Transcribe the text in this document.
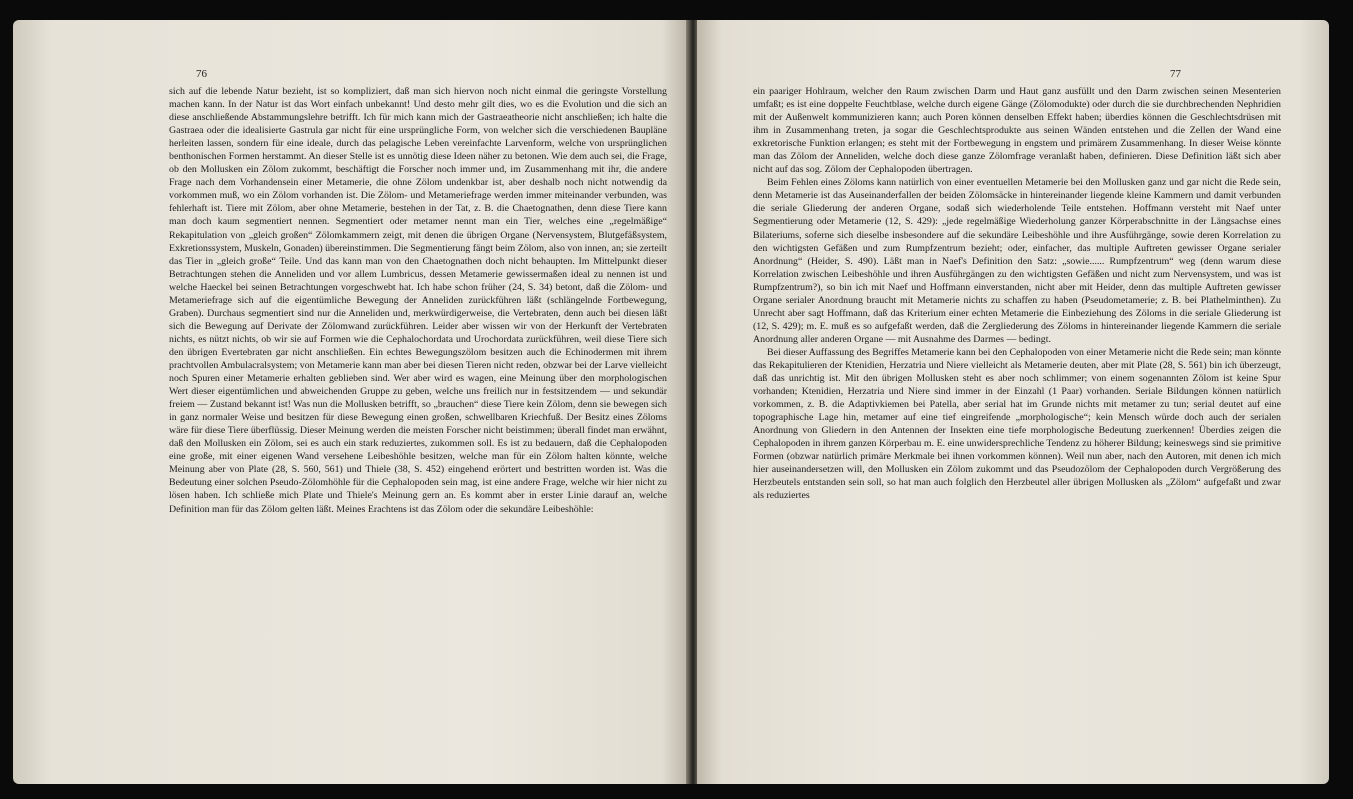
76

sich auf die lebende Natur bezieht, ist so kompliziert, daß man sich hiervon noch nicht einmal die geringste Vorstellung machen kann. In der Natur ist das Wort einfach unbekannt! Und desto mehr gilt dies, wo es die Evolution und die sich an diese anschließende Abstammungslehre betrifft. Ich für mich kann mich der Gastraeatheorie nicht anschließen; ich halte die Gastraea oder die idealisierte Gastrula gar nicht für eine ursprüngliche Form, von welcher sich die verschiedenen Baupläne herleiten lassen, sondern für eine ideale, durch das pelagische Leben vereinfachte Larvenform, welche von ursprünglichen benthonischen Formen herstammt. An dieser Stelle ist es unnötig diese Ideen näher zu betonen. Wie dem auch sei, die Frage, ob den Mollusken ein Zölom zukommt, beschäftigt die Forscher noch immer und, im Zusammenhang mit ihr, die andere Frage nach dem Vorhandensein einer Metamerie, die ohne Zölom undenkbar ist, aber deshalb noch nicht notwendig da vorkommen muß, wo ein Zölom vorhanden ist. Die Zölom- und Metameriefrage werden immer miteinander verbunden, was fehlerhaft ist. Tiere mit Zölom, aber ohne Metamerie, bestehen in der Tat, z. B. die Chaetognathen, denn diese Tiere kann man doch kaum segmentiert nennen. Segmentiert oder metamer nennt man ein Tier, welches eine „regelmäßige“ Rekapitulation von „gleich großen“ Zölomkammern zeigt, mit denen die übrigen Organe (Nervensystem, Blutgefäßsystem, Exkretionssystem, Muskeln, Gonaden) übereinstimmen. Die Segmentierung fängt beim Zölom, also von innen, an; sie zerteilt das Tier in „gleich große“ Teile. Und das kann man von den Chaetognathen doch nicht behaupten. Im Mittelpunkt dieser Betrachtungen stehen die Anneliden und vor allem Lumbricus, dessen Metamerie gewissermaßen ideal zu nennen ist und welche Haeckel bei seinen Betrachtungen vorgeschwebt hat. Ich habe schon früher (24, S. 34) betont, daß die Zölom- und Metameriefrage sich auf die eigentümliche Bewegung der Anneliden zurückführen läßt (schlängelnde Fortbewegung, Graben). Durchaus segmentiert sind nur die Anneliden und, merkwürdigerweise, die Vertebraten, denn auch bei diesen läßt sich die Bewegung auf Derivate der Zölomwand zurückführen. Leider aber wissen wir von der Herkunft der Vertebraten nichts, es nützt nichts, ob wir sie auf Formen wie die Cephalochordata und Urochordata zurückführen, weil diese Tiere sich den übrigen Evertebraten gar nicht anschließen. Ein echtes Bewegungszölom besitzen auch die Echinodermen mit ihrem prachtvollen Ambulacralsystem; von Metamerie kann man aber bei diesen Tieren nicht reden, obzwar bei der Larve vielleicht noch Spuren einer Metamerie erhalten geblieben sind. Wer aber wird es wagen, eine Meinung über den morphologischen Wert dieser eigentümlichen und abweichenden Gruppe zu geben, welche uns freilich nur in festsitzendem — und sekundär freiem — Zustand bekannt ist! Was nun die Mollusken betrifft, so „brauchen“ diese Tiere kein Zölom, denn sie bewegen sich in ganz normaler Weise und besitzen für diese Bewegung einen großen, schwellbaren Kriechfuß. Der Besitz eines Zöloms wäre für diese Tiere überflüssig. Dieser Meinung werden die meisten Forscher nicht beistimmen; überall findet man erwähnt, daß den Mollusken ein Zölom, sei es auch ein stark reduziertes, zukommen soll. Es ist zu bedauern, daß die Cephalopoden eine große, mit einer eigenen Wand versehene Leibeshöhle besitzen, welche man für ein Zölom halten könnte, welche Meinung aber von Plate (28, S. 560, 561) und Thiele (38, S. 452) eingehend erörtert und bestritten worden ist. Was die Bedeutung einer solchen Pseudo-Zölomhöhle für die Cephalopoden sein mag, ist eine andere Frage, welche wir hier nicht zu lösen haben. Ich schließe mich Plate und Thiele's Meinung gern an. Es kommt aber in erster Linie darauf an, welche Definition man für das Zölom gelten läßt. Meines Erachtens ist das Zölom oder die sekundäre Leibeshöhle:

77

ein paariger Hohlraum, welcher den Raum zwischen Darm und Haut ganz ausfüllt und den Darm zwischen seinen Mesenterien umfaßt; es ist eine doppelte Feuchtblase, welche durch eigene Gänge (Zölomodukte) oder durch die sie durchbrechenden Nephridien mit der Außenwelt kommunizieren kann; auch Poren können denselben Effekt haben; überdies können die Geschlechtsdrüsen mit ihm in Zusammenhang treten, ja sogar die Geschlechtsprodukte aus seinen Wänden entstehen und die Zellen der Wand eine exkretorische Funktion erlangen; es steht mit der Fortbewegung in engstem und primärem Zusammenhang. In dieser Weise könnte man das Zölom der Anneliden, welche doch diese ganze Zölomfrage veranlaßt haben, definieren. Diese Definition läßt sich aber nicht auf das sog. Zölom der Cephalopoden übertragen.

Beim Fehlen eines Zöloms kann natürlich von einer eventuellen Metamerie bei den Mollusken ganz und gar nicht die Rede sein, denn Metamerie ist das Auseinanderfallen der beiden Zölomsäcke in hintereinander liegende kleine Kammern und damit verbunden die seriale Gliederung der anderen Organe, sodaß sich wiederholende Teile entstehen. Hoffmann versteht mit Naef unter Segmentierung oder Metamerie (12, S. 429): „jede regelmäßige Wiederholung ganzer Körperabschnitte in der Längsachse eines Bilateriums, soferne sich dieselbe insbesondere auf die sekundäre Leibeshöhle und ihre Ausführgänge, sowie deren Korrelation zu den wichtigsten Gefäßen und zum Rumpfzentrum bezieht; oder, einfacher, das multiple Auftreten gewisser Organe serialer Anordnung“ (Heider, S. 490). Läßt man in Naef's Definition den Satz: „sowie...... Rumpfzentrum“ weg (denn warum diese Korrelation zwischen Leibeshöhle und ihren Ausführgängen zu den wichtigsten Gefäßen und nicht zum Nervensystem, und was ist Rumpfzentrum?), so bin ich mit Naef und Hoffmann einverstanden, nicht aber mit Heider, denn das multiple Auftreten gewisser Organe serialer Anordnung braucht mit Metamerie nichts zu schaffen zu haben (Pseudometamerie; z. B. bei Plathelminthen). Zu Unrecht aber sagt Hoffmann, daß das Kriterium einer echten Metamerie die Einbeziehung des Zöloms in die seriale Gliederung ist (12, S. 429); m. E. muß es so aufgefaßt werden, daß die Zergliederung des Zöloms in hintereinander liegende Kammern die seriale Anordnung aller anderen Organe — mit Ausnahme des Darmes — bedingt.

Bei dieser Auffassung des Begriffes Metamerie kann bei den Cephalopoden von einer Metamerie nicht die Rede sein; man könnte das Rekapitulieren der Ktenidien, Herzatria und Niere vielleicht als Metamerie deuten, aber mit Plate (28, S. 561) bin ich überzeugt, daß das unrichtig ist. Mit den übrigen Mollusken steht es aber noch schlimmer; von einem sogenannten Zölom ist keine Spur vorhanden; Ktenidien, Herzatria und Niere sind immer in der Einzahl (1 Paar) vorhanden. Seriale Bildungen können natürlich vorkommen, z. B. die Adaptivkiemen bei Patella, aber serial hat im Grunde nichts mit metamer zu tun; serial deutet auf eine topographische Lage hin, metamer auf eine tief eingreifende „morphologische“; kein Mensch würde doch auch der serialen Anordnung von Gliedern in den Antennen der Insekten eine tiefe morphologische Bedeutung zuerkennen! Überdies zeigen die Cephalopoden in ihrem ganzen Körperbau m. E. eine unwidersprechliche Tendenz zu höherer Bildung; keineswegs sind sie primitive Formen (obzwar natürlich primäre Merkmale bei ihnen vorkommen können). Weil nun aber, nach den Autoren, mit denen ich mich hier auseinandersetzen will, den Mollusken ein Zölom zukommt und das Pseudozölom der Cephalopoden durch Vergrößerung des Herzbeutels entstanden sein soll, so hat man auch folglich den Herzbeutel aller übrigen Mollusken als „Zölom“ aufgefaßt und zwar als reduziertes
